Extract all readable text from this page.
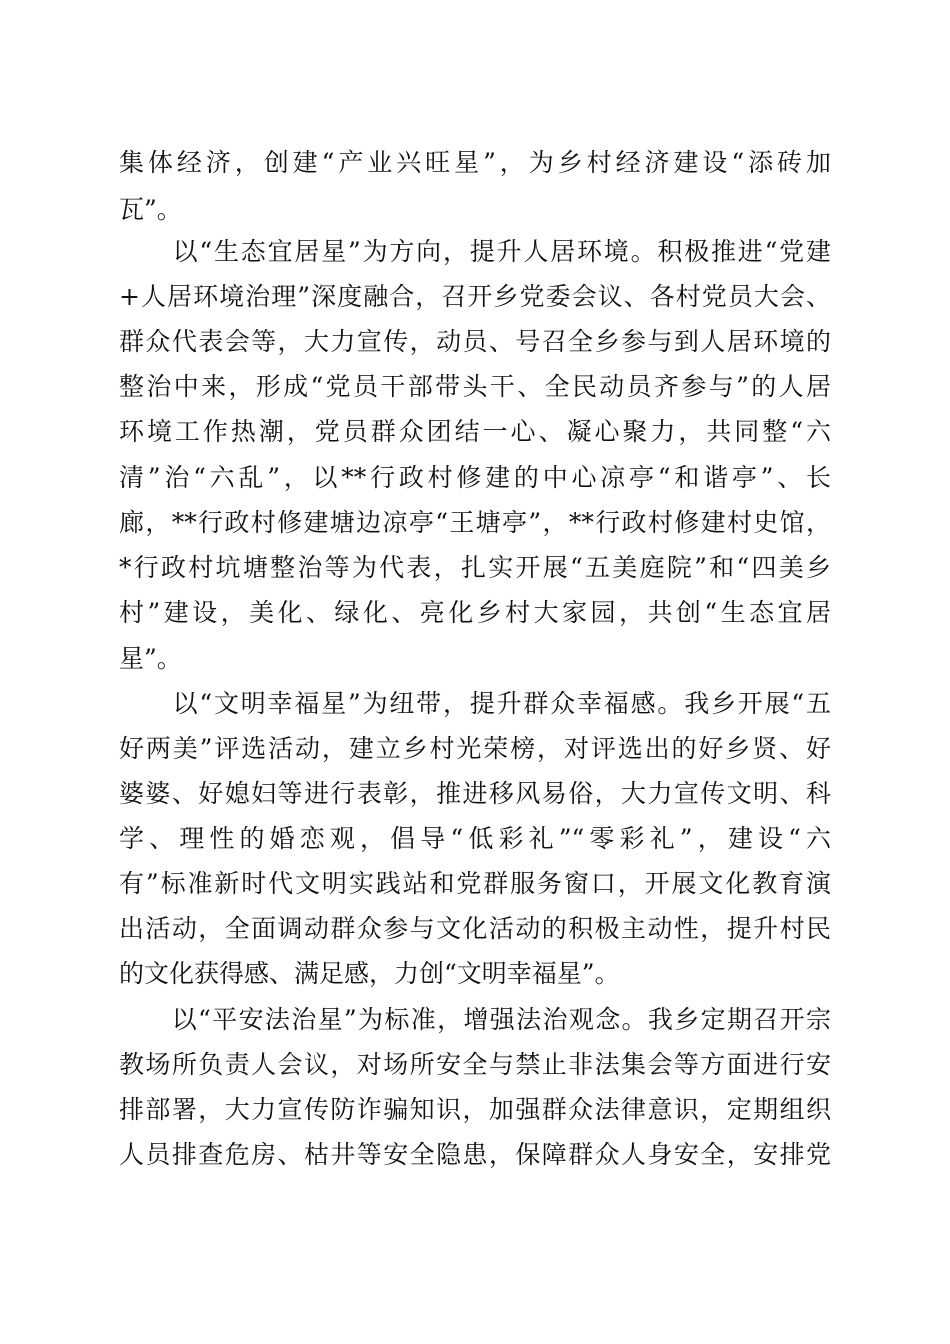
集体经济，创建“产业兴旺星”，为乡村经济建设“添砖加
瓦”。
　　以“生态宜居星”为方向，提升人居环境。积极推进“党建
+人居环境治理”深度融合，召开乡党委会议、各村党员大会、
群众代表会等，大力宣传，动员、号召全乡参与到人居环境的
整治中来，形成“党员干部带头干、全民动员齐参与”的人居
环境工作热潮，党员群众团结一心、凝心聚力，共同整“六
清”治“六乱”，以**行政村修建的中心凉亭“和谐亭”、长
廊，**行政村修建塘边凉亭“王塘亭”，**行政村修建村史馆，
*行政村坑塘整治等为代表，扎实开展“五美庭院”和“四美乡
村”建设，美化、绿化、亮化乡村大家园，共创“生态宜居
星”。
　　以“文明幸福星”为纽带，提升群众幸福感。我乡开展“五
好两美”评选活动，建立乡村光荣榜，对评选出的好乡贤、好
婆婆、好媳妇等进行表彰，推进移风易俗，大力宣传文明、科
学、理性的婚恋观，倡导“低彩礼”“零彩礼”，建设“六
有”标准新时代文明实践站和党群服务窗口，开展文化教育演
出活动，全面调动群众参与文化活动的积极主动性，提升村民
的文化获得感、满足感，力创“文明幸福星”。
　　以“平安法治星”为标准，增强法治观念。我乡定期召开宗
教场所负责人会议，对场所安全与禁止非法集会等方面进行安
排部署，大力宣传防诈骗知识，加强群众法律意识，定期组织
人员排查危房、枯井等安全隐患，保障群众人身安全，安排党
